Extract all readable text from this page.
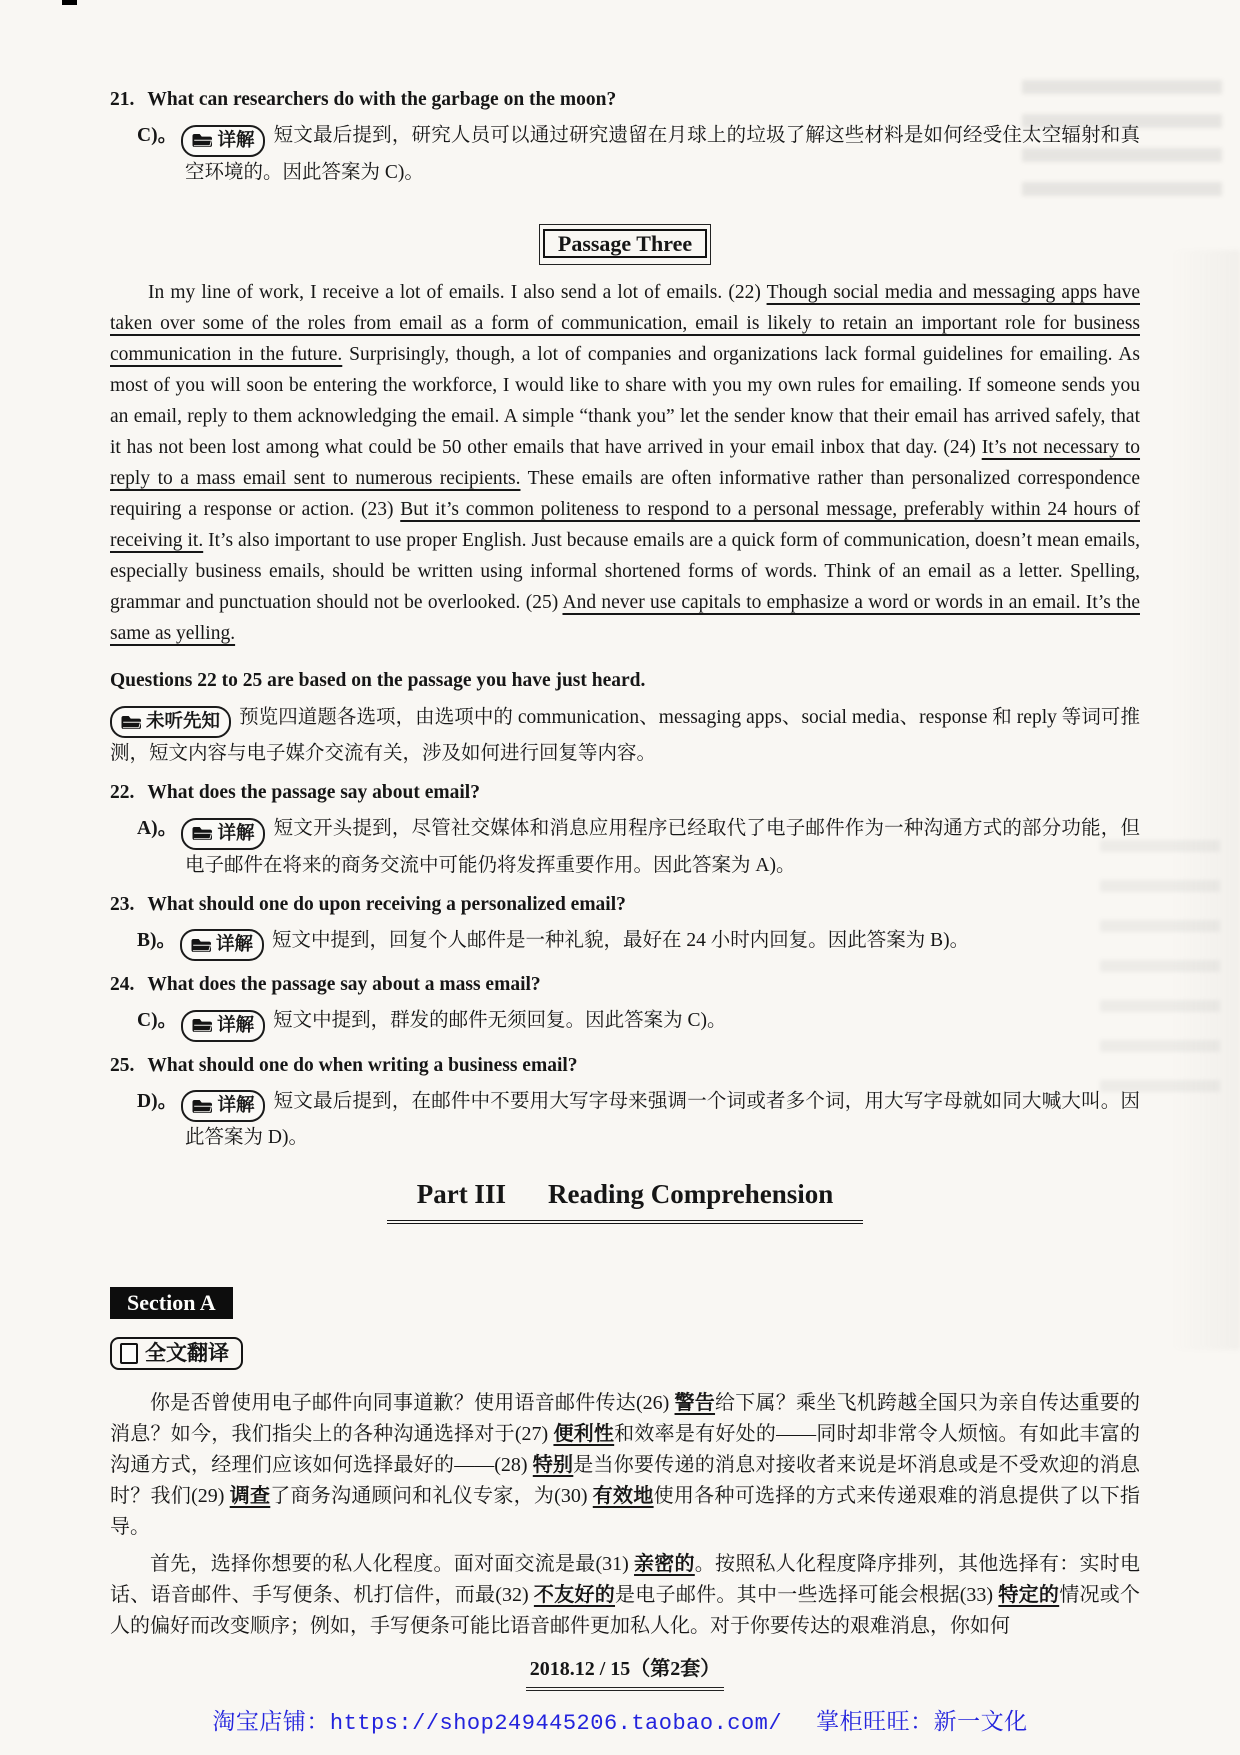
21. What can researchers do with the garbage on the moon?

C)。 详解 短文最后提到，研究人员可以通过研究遗留在月球上的垃圾了解这些材料是如何经受住太空辐射和真空环境的。因此答案为 C)。

Passage Three

In my line of work, I receive a lot of emails. I also send a lot of emails. (22) Though social media and messaging apps have taken over some of the roles from email as a form of communication, email is likely to retain an important role for business communication in the future. Surprisingly, though, a lot of companies and organizations lack formal guidelines for emailing. As most of you will soon be entering the workforce, I would like to share with you my own rules for emailing. If someone sends you an email, reply to them acknowledging the email. A simple “thank you” let the sender know that their email has arrived safely, that it has not been lost among what could be 50 other emails that have arrived in your email inbox that day. (24) It’s not necessary to reply to a mass email sent to numerous recipients. These emails are often informative rather than personalized correspondence requiring a response or action. (23) But it’s common politeness to respond to a personal message, preferably within 24 hours of receiving it. It’s also important to use proper English. Just because emails are a quick form of communication, doesn’t mean emails, especially business emails, should be written using informal shortened forms of words. Think of an email as a letter. Spelling, grammar and punctuation should not be overlooked. (25) And never use capitals to emphasize a word or words in an email. It’s the same as yelling.

Questions 22 to 25 are based on the passage you have just heard.

未听先知 预览四道题各选项，由选项中的 communication、messaging apps、social media、response 和 reply 等词可推测，短文内容与电子媒介交流有关，涉及如何进行回复等内容。

22. What does the passage say about email?

A)。 详解 短文开头提到，尽管社交媒体和消息应用程序已经取代了电子邮件作为一种沟通方式的部分功能，但电子邮件在将来的商务交流中可能仍将发挥重要作用。因此答案为 A)。

23. What should one do upon receiving a personalized email?

B)。 详解 短文中提到，回复个人邮件是一种礼貌，最好在 24 小时内回复。因此答案为 B)。

24. What does the passage say about a mass email?

C)。 详解 短文中提到，群发的邮件无须回复。因此答案为 C)。

25. What should one do when writing a business email?

D)。 详解 短文最后提到，在邮件中不要用大写字母来强调一个词或者多个词，用大写字母就如同大喊大叫。因此答案为 D)。

Part III Reading Comprehension

Section A

全文翻译

你是否曾使用电子邮件向同事道歉？使用语音邮件传达(26) 警告给下属？乘坐飞机跨越全国只为亲自传达重要的消息？如今，我们指尖上的各种沟通选择对于(27) 便利性和效率是有好处的——同时却非常令人烦恼。有如此丰富的沟通方式，经理们应该如何选择最好的——(28) 特别是当你要传递的消息对接收者来说是坏消息或是不受欢迎的消息时？我们(29) 调查了商务沟通顾问和礼仪专家，为(30) 有效地使用各种可选择的方式来传递艰难的消息提供了以下指导。

首先，选择你想要的私人化程度。面对面交流是最(31) 亲密的。按照私人化程度降序排列，其他选择有：实时电话、语音邮件、手写便条、机打信件，而最(32) 不友好的是电子邮件。其中一些选择可能会根据(33) 特定的情况或个人的偏好而改变顺序；例如，手写便条可能比语音邮件更加私人化。对于你要传达的艰难消息，你如何

2018.12 / 15（第2套）

淘宝店铺：https://shop249445206.taobao.com/ 掌柜旺旺：新一文化
